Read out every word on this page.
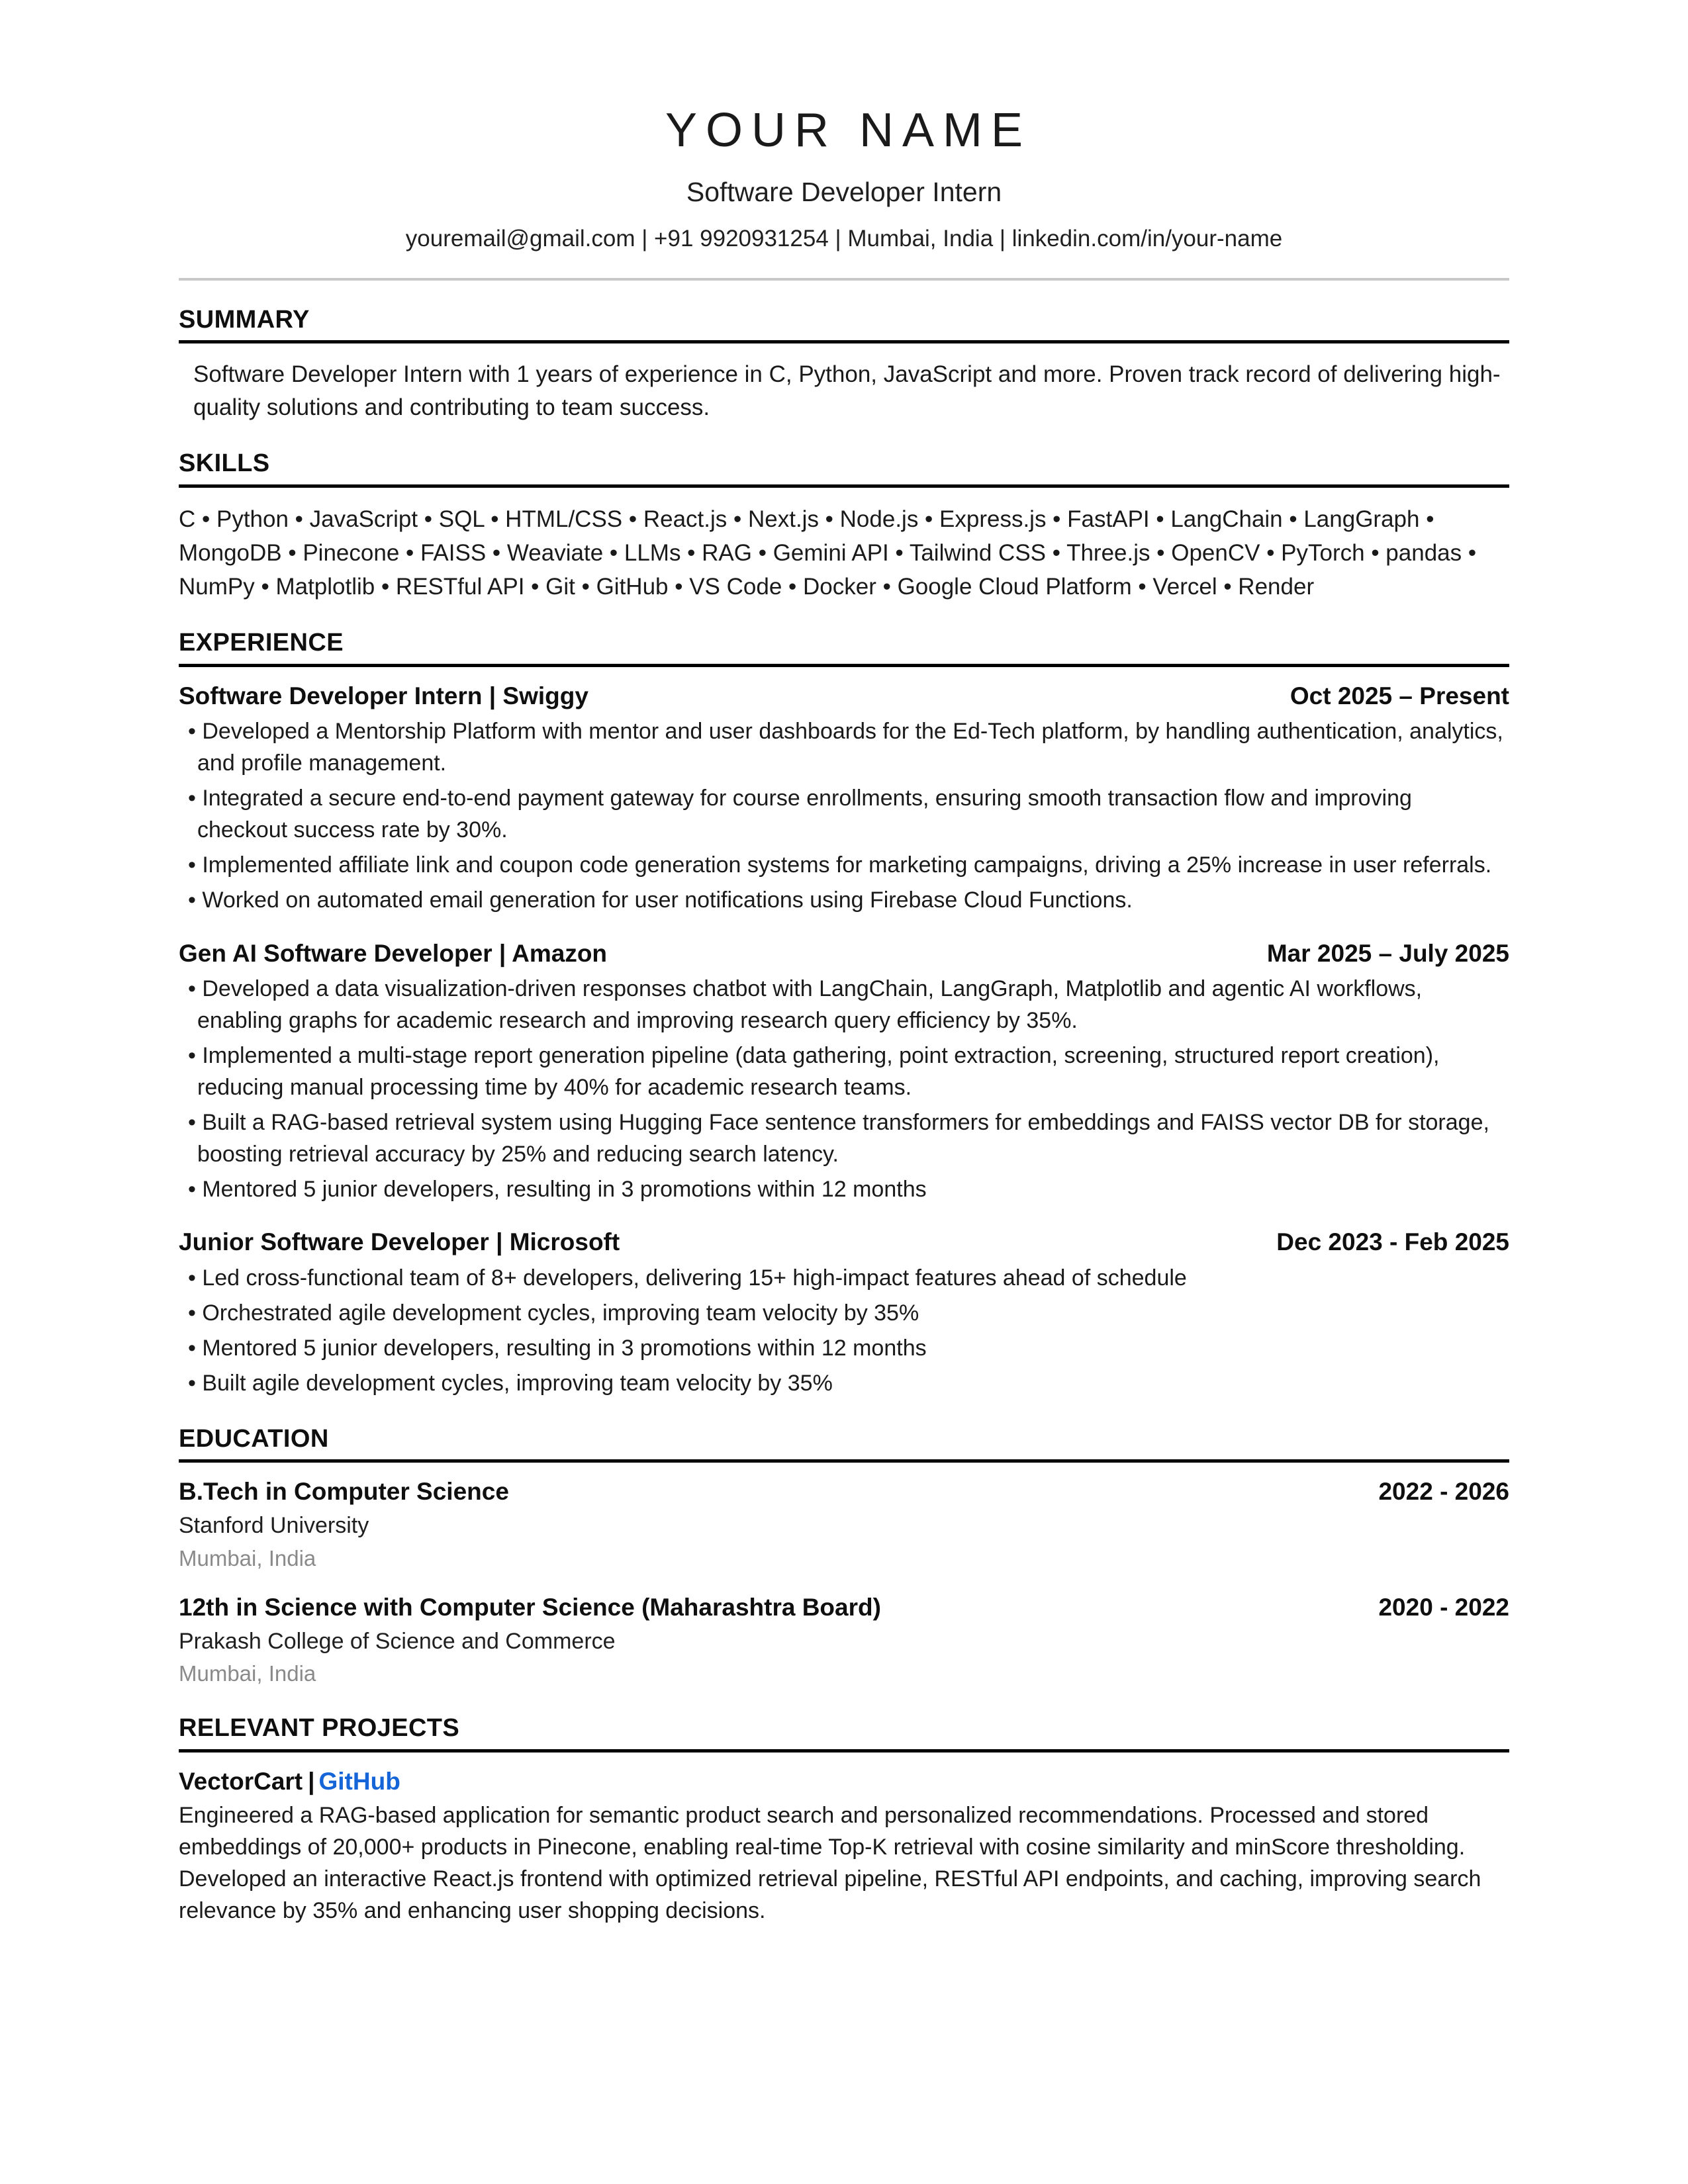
YOUR NAME
Software Developer Intern
youremail@gmail.com | +91 9920931254 | Mumbai, India | linkedin.com/in/your-name
SUMMARY
Software Developer Intern with 1 years of experience in C, Python, JavaScript and more. Proven track record of delivering high-quality solutions and contributing to team success.
SKILLS
C • Python • JavaScript • SQL • HTML/CSS • React.js • Next.js • Node.js • Express.js • FastAPI • LangChain • LangGraph • MongoDB • Pinecone • FAISS • Weaviate • LLMs • RAG • Gemini API • Tailwind CSS • Three.js • OpenCV • PyTorch • pandas • NumPy • Matplotlib • RESTful API • Git • GitHub • VS Code • Docker • Google Cloud Platform • Vercel • Render
EXPERIENCE
Software Developer Intern | Swiggy	Oct 2025 – Present
• Developed a Mentorship Platform with mentor and user dashboards for the Ed-Tech platform, by handling authentication, analytics, and profile management.
• Integrated a secure end-to-end payment gateway for course enrollments, ensuring smooth transaction flow and improving checkout success rate by 30%.
• Implemented affiliate link and coupon code generation systems for marketing campaigns, driving a 25% increase in user referrals.
• Worked on automated email generation for user notifications using Firebase Cloud Functions.
Gen AI Software Developer | Amazon	Mar 2025 – July 2025
• Developed a data visualization-driven responses chatbot with LangChain, LangGraph, Matplotlib and agentic AI workflows, enabling graphs for academic research and improving research query efficiency by 35%.
• Implemented a multi-stage report generation pipeline (data gathering, point extraction, screening, structured report creation), reducing manual processing time by 40% for academic research teams.
• Built a RAG-based retrieval system using Hugging Face sentence transformers for embeddings and FAISS vector DB for storage, boosting retrieval accuracy by 25% and reducing search latency.
• Mentored 5 junior developers, resulting in 3 promotions within 12 months
Junior Software Developer | Microsoft	Dec 2023 - Feb 2025
• Led cross-functional team of 8+ developers, delivering 15+ high-impact features ahead of schedule
• Orchestrated agile development cycles, improving team velocity by 35%
• Mentored 5 junior developers, resulting in 3 promotions within 12 months
• Built agile development cycles, improving team velocity by 35%
EDUCATION
B.Tech in Computer Science	2022 - 2026
Stanford University
Mumbai, India
12th in Science with Computer Science (Maharashtra Board)	2020 - 2022
Prakash College of Science and Commerce
Mumbai, India
RELEVANT PROJECTS
VectorCart | GitHub
Engineered a RAG-based application for semantic product search and personalized recommendations. Processed and stored embeddings of 20,000+ products in Pinecone, enabling real-time Top-K retrieval with cosine similarity and minScore thresholding. Developed an interactive React.js frontend with optimized retrieval pipeline, RESTful API endpoints, and caching, improving search relevance by 35% and enhancing user shopping decisions.
